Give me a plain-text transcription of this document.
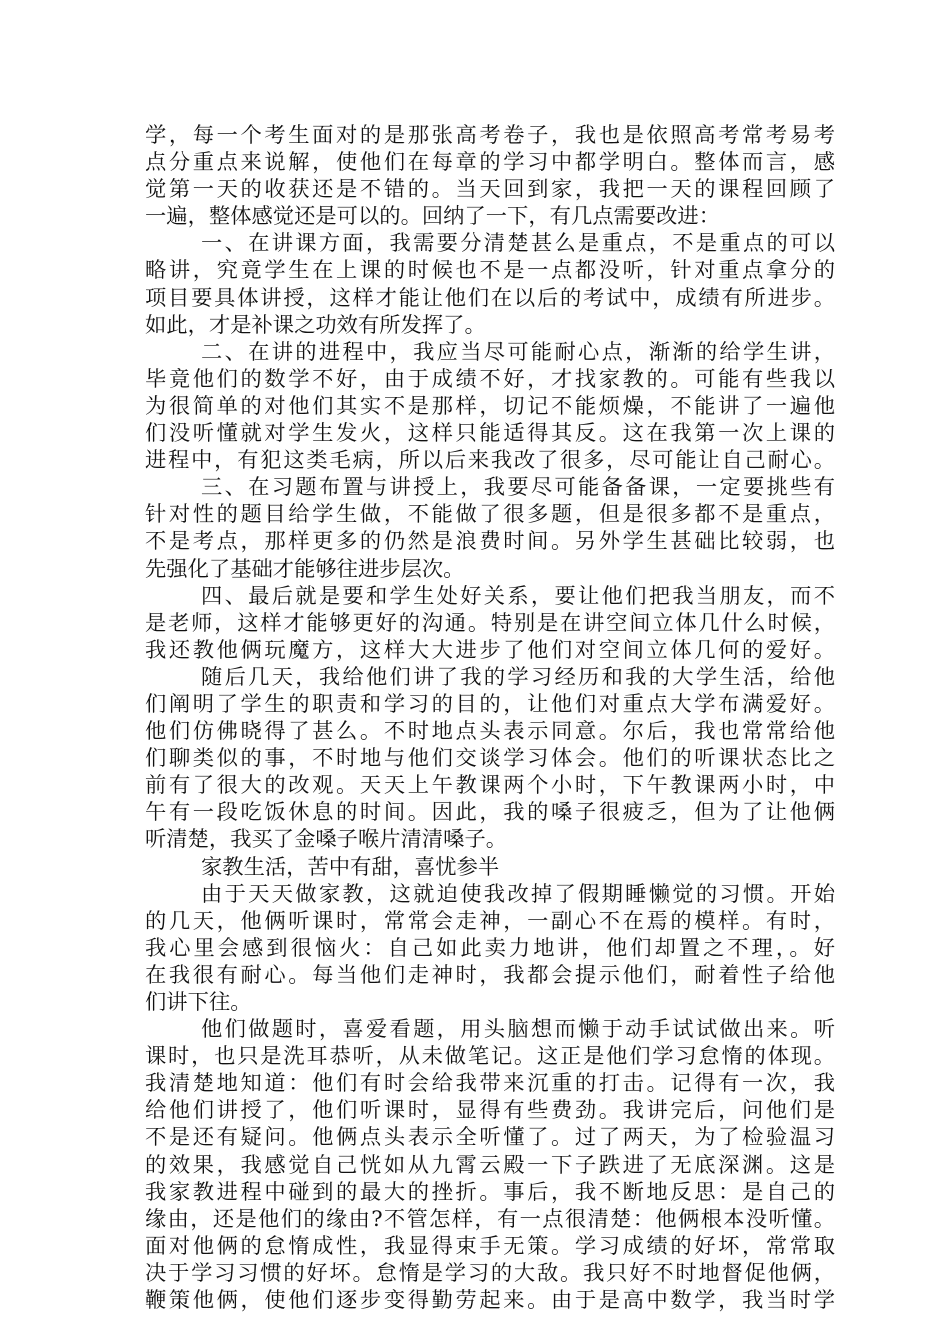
学，每一个考生面对的是那张高考卷子，我也是依照高考常考易考
点分重点来说解，使他们在每章的学习中都学明白。整体而言，感
觉第一天的收获还是不错的。当天回到家，我把一天的课程回顾了
一遍，整体感觉还是可以的。回纳了一下，有几点需要改进：
一、在讲课方面，我需要分清楚甚么是重点，不是重点的可以
略讲，究竟学生在上课的时候也不是一点都没听，针对重点拿分的
项目要具体讲授，这样才能让他们在以后的考试中，成绩有所进步。
如此，才是补课之功效有所发挥了。
二、在讲的进程中，我应当尽可能耐心点，渐渐的给学生讲，
毕竟他们的数学不好，由于成绩不好，才找家教的。可能有些我以
为很简单的对他们其实不是那样，切记不能烦燥，不能讲了一遍他
们没听懂就对学生发火，这样只能适得其反。这在我第一次上课的
进程中，有犯这类毛病，所以后来我改了很多，尽可能让自己耐心。
三、在习题布置与讲授上，我要尽可能备备课，一定要挑些有
针对性的题目给学生做，不能做了很多题，但是很多都不是重点，
不是考点，那样更多的仍然是浪费时间。另外学生甚础比较弱，也
先强化了基础才能够往进步层次。
四、最后就是要和学生处好关系，要让他们把我当朋友，而不
是老师，这样才能够更好的沟通。特别是在讲空间立体几什么时候，
我还教他俩玩魔方，这样大大进步了他们对空间立体几何的爱好。
随后几天，我给他们讲了我的学习经历和我的大学生活，给他
们阐明了学生的职责和学习的目的，让他们对重点大学布满爱好。
他们仿佛晓得了甚么。不时地点头表示同意。尔后，我也常常给他
们聊类似的事，不时地与他们交谈学习体会。他们的听课状态比之
前有了很大的改观。天天上午教课两个小时，下午教课两小时，中
午有一段吃饭休息的时间。因此，我的嗓子很疲乏，但为了让他俩
听清楚，我买了金嗓子喉片清清嗓子。
家教生活，苦中有甜，喜忧参半
由于天天做家教，这就迫使我改掉了假期睡懒觉的习惯。开始
的几天，他俩听课时，常常会走神，一副心不在焉的模样。有时，
我心里会感到很恼火：自己如此卖力地讲，他们却置之不理，。好
在我很有耐心。每当他们走神时，我都会提示他们，耐着性子给他
们讲下往。
他们做题时，喜爱看题，用头脑想而懒于动手试试做出来。听
课时，也只是洗耳恭听，从未做笔记。这正是他们学习怠惰的体现。
我清楚地知道：他们有时会给我带来沉重的打击。记得有一次，我
给他们讲授了，他们听课时，显得有些费劲。我讲完后，问他们是
不是还有疑问。他俩点头表示全听懂了。过了两天，为了检验温习
的效果，我感觉自己恍如从九霄云殿一下子跌进了无底深渊。这是
我家教进程中碰到的最大的挫折。事后，我不断地反思：是自己的
缘由，还是他们的缘由?不管怎样，有一点很清楚：他俩根本没听懂。
面对他俩的怠惰成性，我显得束手无策。学习成绩的好坏，常常取
决于学习习惯的好坏。怠惰是学习的大敌。我只好不时地督促他俩，
鞭策他俩，使他们逐步变得勤劳起来。由于是高中数学，我当时学
